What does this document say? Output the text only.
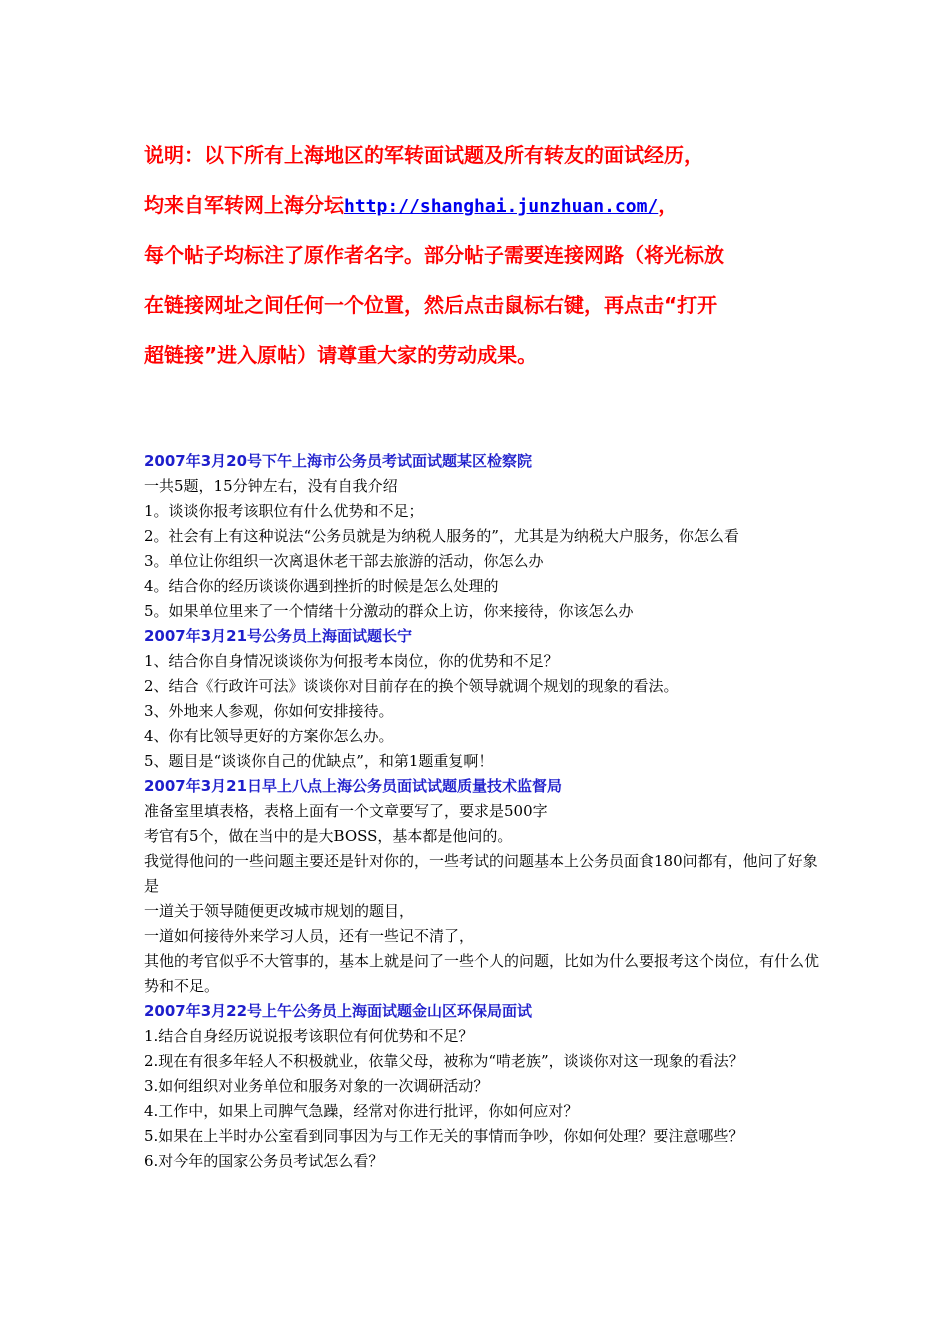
说明：以下所有上海地区的军转面试题及所有转友的面试经历，

均来自军转网上海分坛http://shanghai.junzhuan.com/，

每个帖子均标注了原作者名字。部分帖子需要连接网路（将光标放

在链接网址之间任何一个位置，然后点击鼠标右键，再点击“打开

超链接”进入原帖）请尊重大家的劳动成果。

2007年3月20号下午上海市公务员考试面试题某区检察院

一共5题，15分钟左右，没有自我介绍

1。谈谈你报考该职位有什么优势和不足；

2。社会有上有这种说法“公务员就是为纳税人服务的”，尤其是为纳税大户服务，你怎么看

3。单位让你组织一次离退休老干部去旅游的活动，你怎么办

4。结合你的经历谈谈你遇到挫折的时候是怎么处理的

5。如果单位里来了一个情绪十分激动的群众上访，你来接待，你该怎么办

2007年3月21号公务员上海面试题长宁

1、结合你自身情况谈谈你为何报考本岗位，你的优势和不足？

2、结合《行政许可法》谈谈你对目前存在的换个领导就调个规划的现象的看法。

3、外地来人参观，你如何安排接待。

4、你有比领导更好的方案你怎么办。

5、题目是“谈谈你自己的优缺点”，和第1题重复啊！

2007年3月21日早上八点上海公务员面试试题质量技术监督局

准备室里填表格，表格上面有一个文章要写了，要求是500字

考官有5个，做在当中的是大BOSS，基本都是他问的。

我觉得他问的一些问题主要还是针对你的，一些考试的问题基本上公务员面食180问都有，他问了好象是

一道关于领导随便更改城市规划的题目，

一道如何接待外来学习人员，还有一些记不清了，

其他的考官似乎不大管事的，基本上就是问了一些个人的问题，比如为什么要报考这个岗位，有什么优势和不足。

2007年3月22号上午公务员上海面试题金山区环保局面试

1.结合自身经历说说报考该职位有何优势和不足？

2.现在有很多年轻人不积极就业，依靠父母，被称为“啃老族”，谈谈你对这一现象的看法？

3.如何组织对业务单位和服务对象的一次调研活动？

4.工作中，如果上司脾气急躁，经常对你进行批评，你如何应对？

5.如果在上半时办公室看到同事因为与工作无关的事情而争吵，你如何处理？要注意哪些？

6.对今年的国家公务员考试怎么看？
